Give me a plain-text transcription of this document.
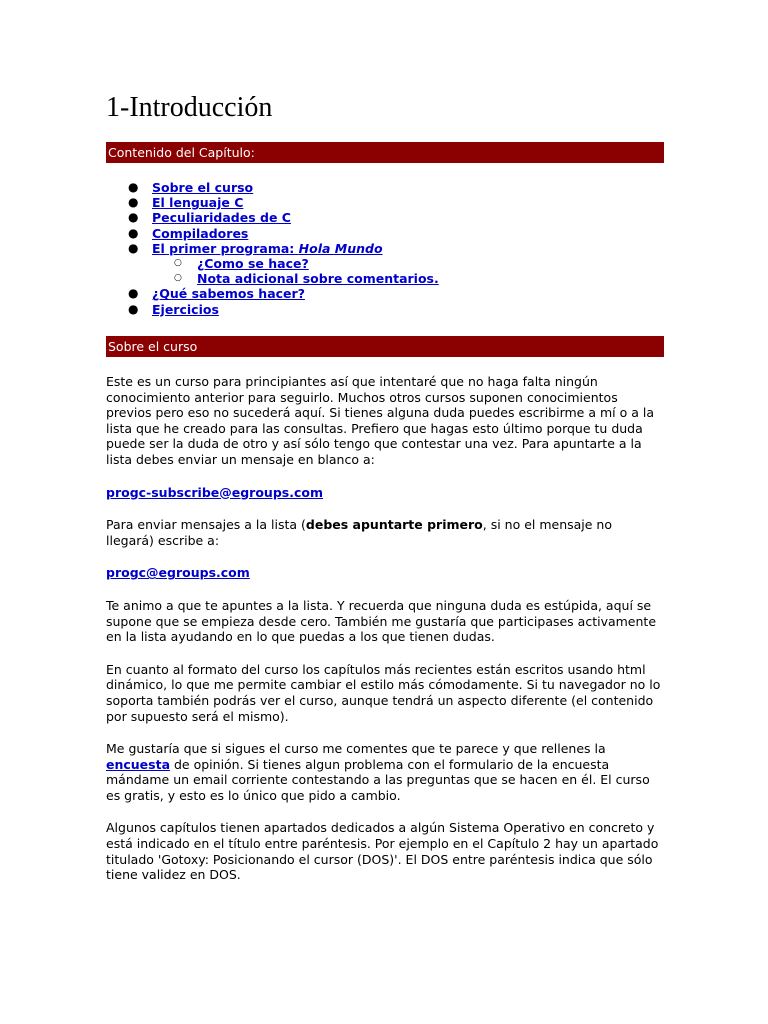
1-Introducción
Contenido del Capítulo:
● Sobre el curso
● El lenguaje C
● Peculiaridades de C
● Compiladores
● El primer programa: Hola Mundo
○ ¿Como se hace?
○ Nota adicional sobre comentarios.
● ¿Qué sabemos hacer?
● Ejercicios
Sobre el curso

Este es un curso para principiantes así que intentaré que no haga falta ningún conocimiento anterior para seguirlo. Muchos otros cursos suponen conocimientos previos pero eso no sucederá aquí. Si tienes alguna duda puedes escribirme a mí o a la lista que he creado para las consultas. Prefiero que hagas esto último porque tu duda puede ser la duda de otro y así sólo tengo que contestar una vez. Para apuntarte a la lista debes enviar un mensaje en blanco a:

progc-subscribe@egroups.com

Para enviar mensajes a la lista (debes apuntarte primero, si no el mensaje no llegará) escribe a:

progc@egroups.com

Te animo a que te apuntes a la lista. Y recuerda que ninguna duda es estúpida, aquí se supone que se empieza desde cero. También me gustaría que participases activamente en la lista ayudando en lo que puedas a los que tienen dudas.

En cuanto al formato del curso los capítulos más recientes están escritos usando html dinámico, lo que me permite cambiar el estilo más cómodamente. Si tu navegador no lo soporta también podrás ver el curso, aunque tendrá un aspecto diferente (el contenido por supuesto será el mismo).

Me gustaría que si sigues el curso me comentes que te parece y que rellenes la encuesta de opinión. Si tienes algun problema con el formulario de la encuesta mándame un email corriente contestando a las preguntas que se hacen en él. El curso es gratis, y esto es lo único que pido a cambio.

Algunos capítulos tienen apartados dedicados a algún Sistema Operativo en concreto y está indicado en el título entre paréntesis. Por ejemplo en el Capítulo 2 hay un apartado titulado 'Gotoxy: Posicionando el cursor (DOS)'. El DOS entre paréntesis indica que sólo tiene validez en DOS.
